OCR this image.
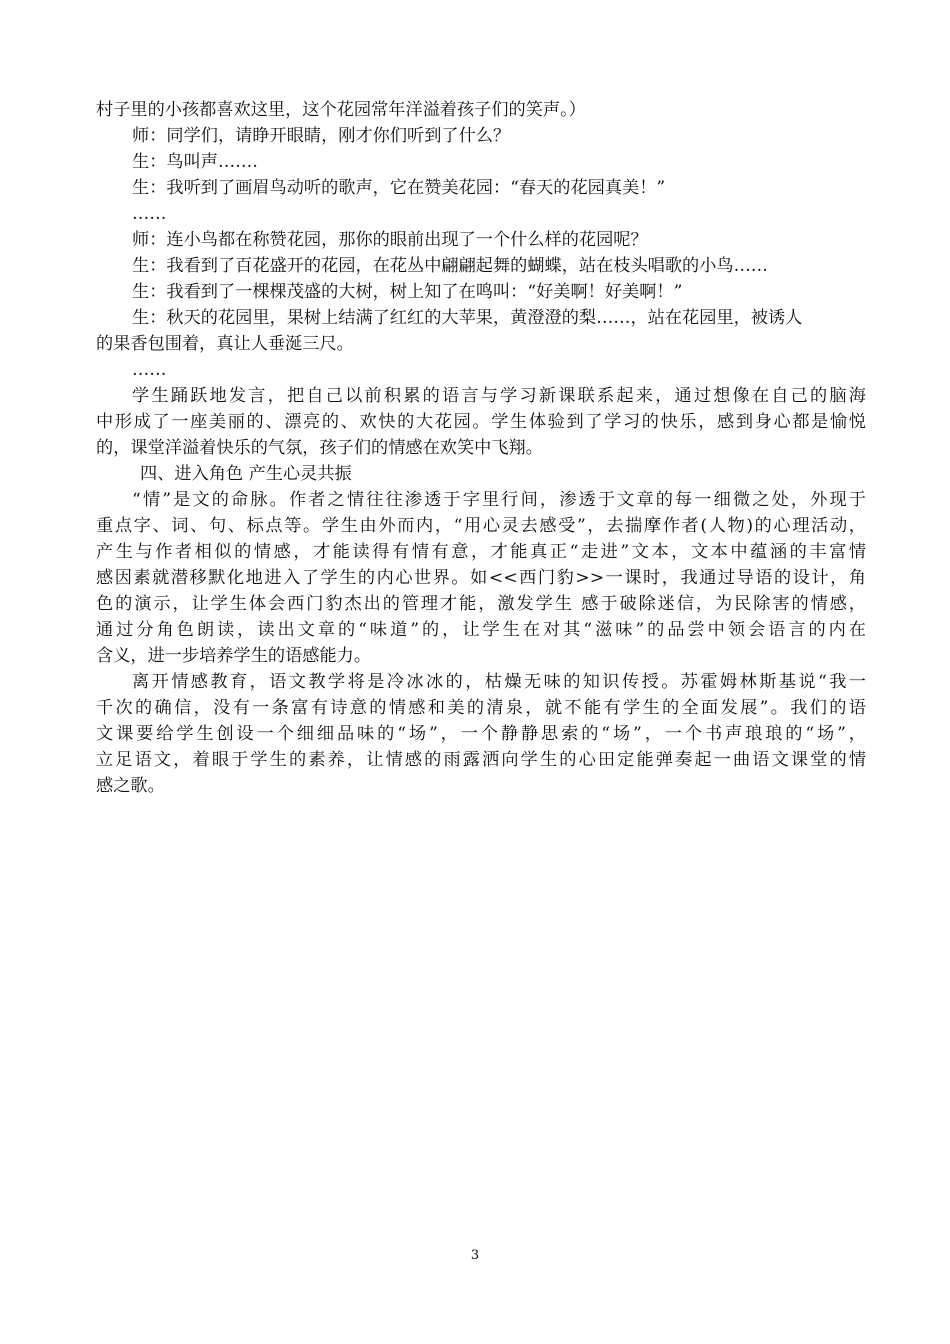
村子里的小孩都喜欢这里，这个花园常年洋溢着孩子们的笑声。）
师：同学们，请睁开眼睛，刚才你们听到了什么？
生：鸟叫声…….
生：我听到了画眉鸟动听的歌声，它在赞美花园：“春天的花园真美！”
……
师：连小鸟都在称赞花园，那你的眼前出现了一个什么样的花园呢？
生：我看到了百花盛开的花园，在花丛中翩翩起舞的蝴蝶，站在枝头唱歌的小鸟……
生：我看到了一棵棵茂盛的大树，树上知了在鸣叫：“好美啊！好美啊！”
生：秋天的花园里，果树上结满了红红的大苹果，黄澄澄的梨……，站在花园里，被诱人
的果香包围着，真让人垂涎三尺。
……
学生踊跃地发言，把自己以前积累的语言与学习新课联系起来，通过想像在自己的脑海
中形成了一座美丽的、漂亮的、欢快的大花园。学生体验到了学习的快乐，感到身心都是愉悦
的，课堂洋溢着快乐的气氛，孩子们的情感在欢笑中飞翔。
四、进入角色 产生心灵共振
“情”是文的命脉。作者之情往往渗透于字里行间，渗透于文章的每一细微之处，外现于
重点字、词、句、标点等。学生由外而内，“用心灵去感受”，去揣摩作者(人物)的心理活动，
产生与作者相似的情感，才能读得有情有意，才能真正“走进”文本，文本中蕴涵的丰富情
感因素就潜移默化地进入了学生的内心世界。如<<西门豹>>一课时，我通过导语的设计，角
色的演示，让学生体会西门豹杰出的管理才能，激发学生 感于破除迷信，为民除害的情感，
通过分角色朗读，读出文章的“味道”的，让学生在对其“滋味”的品尝中领会语言的内在
含义，进一步培养学生的语感能力。
离开情感教育，语文教学将是冷冰冰的，枯燥无味的知识传授。苏霍姆林斯基说“我一
千次的确信，没有一条富有诗意的情感和美的清泉，就不能有学生的全面发展”。我们的语
文课要给学生创设一个细细品味的“场”，一个静静思索的“场”，一个书声琅琅的“场”，
立足语文，着眼于学生的素养，让情感的雨露洒向学生的心田定能弹奏起一曲语文课堂的情
感之歌。
3
